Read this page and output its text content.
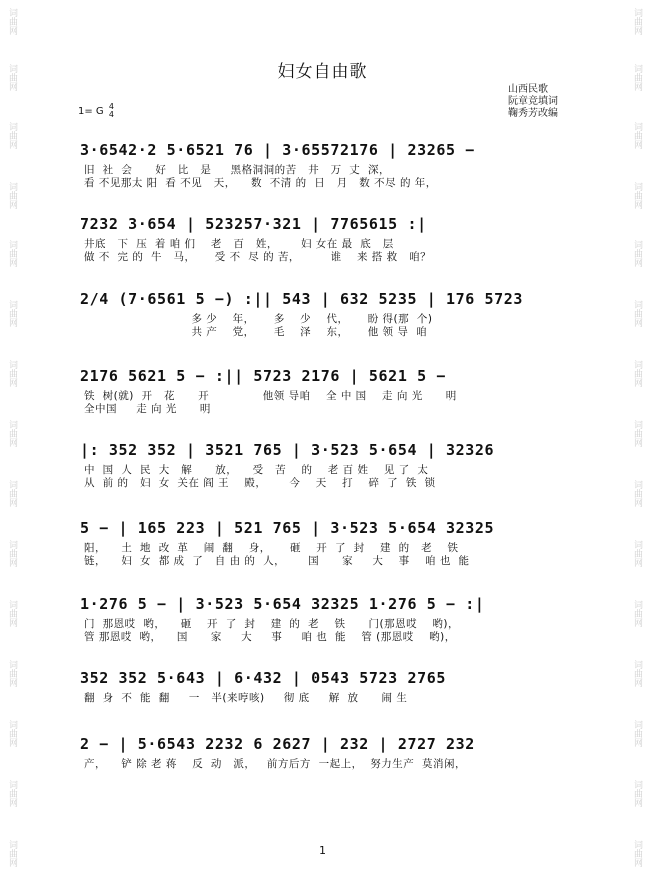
词曲网
词曲网
词曲网
词曲网
词曲网
词曲网
词曲网
词曲网
词曲网
词曲网
词曲网
词曲网
词曲网
词曲网
词曲网
词曲网
词曲网
词曲网
词曲网
词曲网
词曲网
词曲网
词曲网
词曲网
词曲网
词曲网
词曲网
词曲网
词曲网
词曲网
妇女自由歌
山西民歌
阮章竞填词
鞠秀芳改编
1= G 4
4
3·6542·2 5·6521 76 | 3·65572176 | 23265 −
旧  社  会      好   比   是     黑格洞洞的苦   井   万  丈  深，
看 不见那太 阳  看 不见   天，    数  不清 的  日   月   数 不尽 的 年，
7232 3·654 | 523257·321 | 7765615 :|
井底   下  压  着 咱 们    老   百   姓，      妇 女在 最  底   层
做 不  完 的  牛   马，     受 不  尽 的 苦，        谁    来 搭 救   咱？
2/4 (7·6561 5 −) :|| 543 | 632 5235 | 176 5723
多 少    年，     多    少    代，     盼 得(那  个)
共 产    党，     毛    泽    东，     他 领 导  咱
2176 5621 5 − :|| 5723 2176 | 5621 5 −
铁  树(就)  开   花      开              他领 导咱    全 中 国    走 向 光      明
全中国     走 向 光      明
|: 352 352 | 3521 765 | 3·523 5·654 | 32326
中  国  人  民  大   解      放，    受   苦    的    老 百 姓    见 了  太
从  前 的   妇  女  关在 阎 王    殿，      今    天    打    碎  了  铁  锁
5 − | 165 223 | 521 765 | 3·523 5·654 32325
阳，    土  地  改  革    闹  翻    身，     砸    开  了  封    建  的   老    铁
链，    妇  女  都 成  了   自 由 的  人，      国      家     大    事    咱 也  能
1·276 5 − | 3·523 5·654 32325 1·276 5 − :|
门  那恩哎  哟，    砸    开  了  封    建  的  老    铁      门(那恩哎    哟)，
管 那恩哎  哟，    国      家     大     事     咱 也  能    管 (那恩哎    哟)，
352 352 5·643 | 6·432 | 0543 5723 2765
翻  身  不  能  翻     一   半(来哼咳)     彻 底     解  放      闹 生
2 − | 5·6543 2232 6 2627 | 232 | 2727 232
产，    铲 除 老 蒋    反  动   派，   前方后方  一起上，  努力生产  莫消闲，
1
